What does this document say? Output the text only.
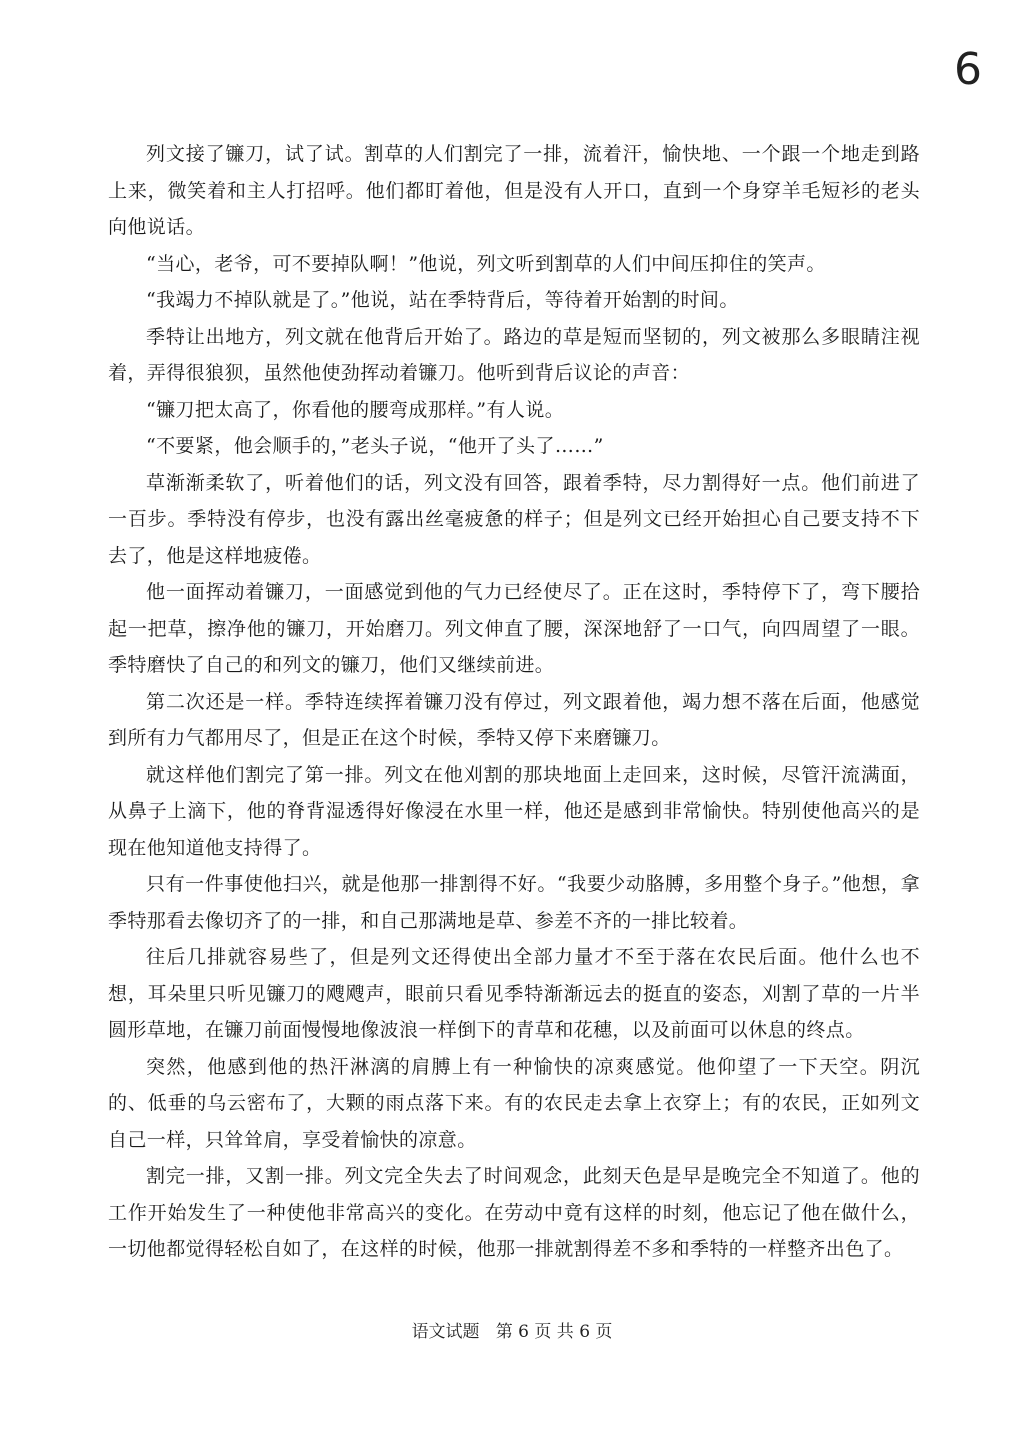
6

列文接了镰刀，试了试。割草的人们割完了一排，流着汗，愉快地、一个跟一个地走到路上来，微笑着和主人打招呼。他们都盯着他，但是没有人开口，直到一个身穿羊毛短衫的老头向他说话。

“当心，老爷，可不要掉队啊！”他说，列文听到割草的人们中间压抑住的笑声。

“我竭力不掉队就是了。”他说，站在季特背后，等待着开始割的时间。

季特让出地方，列文就在他背后开始了。路边的草是短而坚韧的，列文被那么多眼睛注视着，弄得很狼狈，虽然他使劲挥动着镰刀。他听到背后议论的声音：

“镰刀把太高了，你看他的腰弯成那样。”有人说。

“不要紧，他会顺手的，”老头子说，“他开了头了……”

草渐渐柔软了，听着他们的话，列文没有回答，跟着季特，尽力割得好一点。他们前进了一百步。季特没有停步，也没有露出丝毫疲惫的样子；但是列文已经开始担心自己要支持不下去了，他是这样地疲倦。

他一面挥动着镰刀，一面感觉到他的气力已经使尽了。正在这时，季特停下了，弯下腰拾起一把草，擦净他的镰刀，开始磨刀。列文伸直了腰，深深地舒了一口气，向四周望了一眼。季特磨快了自己的和列文的镰刀，他们又继续前进。

第二次还是一样。季特连续挥着镰刀没有停过，列文跟着他，竭力想不落在后面，他感觉到所有力气都用尽了，但是正在这个时候，季特又停下来磨镰刀。

就这样他们割完了第一排。列文在他刈割的那块地面上走回来，这时候，尽管汗流满面，从鼻子上滴下，他的脊背湿透得好像浸在水里一样，他还是感到非常愉快。特别使他高兴的是现在他知道他支持得了。

只有一件事使他扫兴，就是他那一排割得不好。“我要少动胳膊，多用整个身子。”他想，拿季特那看去像切齐了的一排，和自己那满地是草、参差不齐的一排比较着。

往后几排就容易些了，但是列文还得使出全部力量才不至于落在农民后面。他什么也不想，耳朵里只听见镰刀的飕飕声，眼前只看见季特渐渐远去的挺直的姿态，刈割了草的一片半圆形草地，在镰刀前面慢慢地像波浪一样倒下的青草和花穗，以及前面可以休息的终点。

突然，他感到他的热汗淋漓的肩膊上有一种愉快的凉爽感觉。他仰望了一下天空。阴沉的、低垂的乌云密布了，大颗的雨点落下来。有的农民走去拿上衣穿上；有的农民，正如列文自己一样，只耸耸肩，享受着愉快的凉意。

割完一排，又割一排。列文完全失去了时间观念，此刻天色是早是晚完全不知道了。他的工作开始发生了一种使他非常高兴的变化。在劳动中竟有这样的时刻，他忘记了他在做什么，一切他都觉得轻松自如了，在这样的时候，他那一排就割得差不多和季特的一样整齐出色了。

语文试题   第 6 页 共 6 页
